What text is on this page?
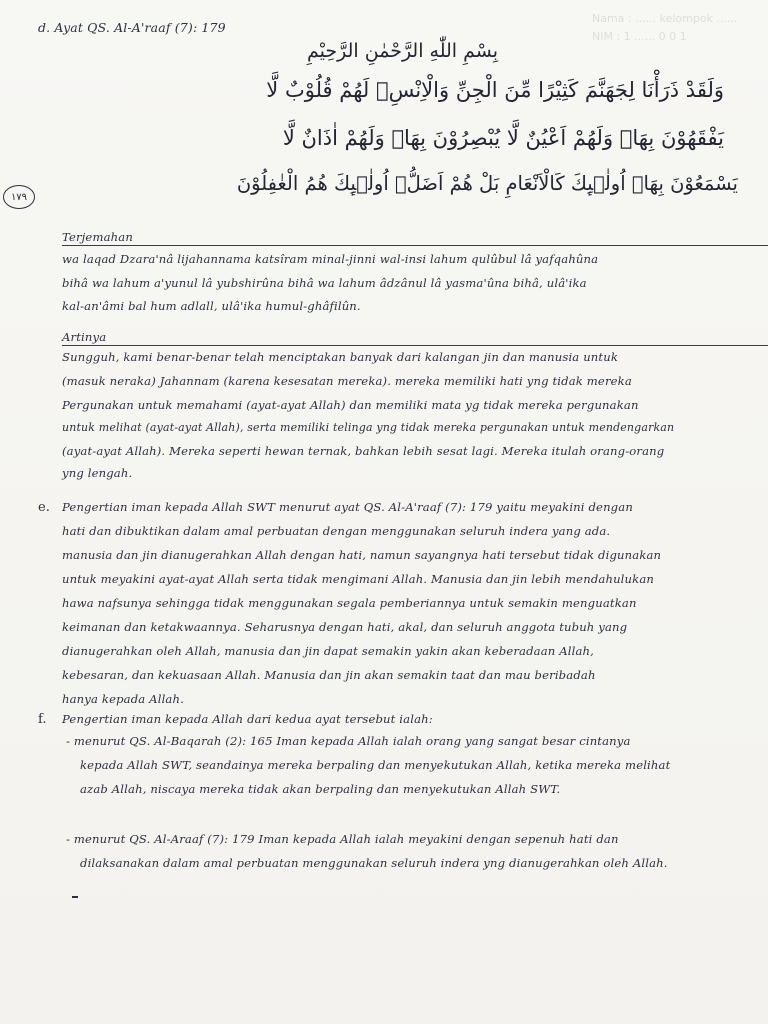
Nama : ...... kelompok ......
NIM : 1 ...... 0 0 1
d. Ayat QS. Al-A'raaf (7): 179
بِسْمِ اللّٰهِ الرَّحْمٰنِ الرَّحِيْمِ
وَلَقَدْ ذَرَأْنَا لِجَهَنَّمَ كَثِيْرًا مِّنَ الْجِنِّ وَالْاِنْسِۖ لَهُمْ قُلُوْبٌ لَّا
يَفْقَهُوْنَ بِهَاۖ وَلَهُمْ اَعْيُنٌ لَّا يُبْصِرُوْنَ بِهَاۖ وَلَهُمْ اٰذَانٌ لَّا
يَسْمَعُوْنَ بِهَاۗ اُولٰۤىِٕكَ كَالْاَنْعَامِ بَلْ هُمْ اَضَلُّۗ اُولٰۤىِٕكَ هُمُ الْغٰفِلُوْنَ
١٧٩
Terjemahan
wa laqad Dzara'nâ lijahannama katsîram minal-jinni wal-insi lahum qulûbul lâ yafqahûna
bihâ wa lahum a'yunul lâ yubshirûna bihâ wa lahum âdzânul lâ yasma'ûna bihâ, ulâ'ika
kal-an'âmi bal hum adlall, ulâ'ika humul-ghâfilûn.
Artinya
Sungguh, kami benar-benar telah menciptakan banyak dari kalangan jin dan manusia untuk
(masuk neraka) Jahannam (karena kesesatan mereka). mereka memiliki hati yng tidak mereka
Pergunakan untuk memahami (ayat-ayat Allah) dan memiliki mata yg tidak mereka pergunakan
untuk melihat (ayat-ayat Allah), serta memiliki telinga yng tidak mereka pergunakan untuk mendengarkan
(ayat-ayat Allah). Mereka seperti hewan ternak, bahkan lebih sesat lagi. Mereka itulah orang-orang
yng lengah.
e.	Pengertian iman kepada Allah SWT menurut ayat QS. Al-A'raaf (7): 179 yaitu meyakini dengan
hati dan dibuktikan dalam amal perbuatan dengan menggunakan seluruh indera yang ada.
manusia dan jin dianugerahkan Allah dengan hati, namun sayangnya hati tersebut tidak digunakan
untuk meyakini ayat-ayat Allah serta tidak mengimani Allah. Manusia dan jin lebih mendahulukan
hawa nafsunya sehingga tidak menggunakan segala pemberiannya untuk semakin menguatkan
keimanan dan ketakwaannya. Seharusnya dengan hati, akal, dan seluruh anggota tubuh yang
dianugerahkan oleh Allah, manusia dan jin dapat semakin yakin akan keberadaan Allah,
kebesaran, dan kekuasaan Allah. Manusia dan jin akan semakin taat dan mau beribadah
hanya kepada Allah.
f.	Pengertian iman kepada Allah dari kedua ayat tersebut ialah:
- menurut QS. Al-Baqarah (2): 165 Iman kepada Allah ialah orang yang sangat besar cintanya
kepada Allah SWT, seandainya mereka berpaling dan menyekutukan Allah, ketika mereka melihat
azab Allah, niscaya mereka tidak akan berpaling dan menyekutukan Allah SWT.
- menurut QS. Al-Araaf (7): 179 Iman kepada Allah ialah meyakini dengan sepenuh hati dan
dilaksanakan dalam amal perbuatan menggunakan seluruh indera yng dianugerahkan oleh Allah.
